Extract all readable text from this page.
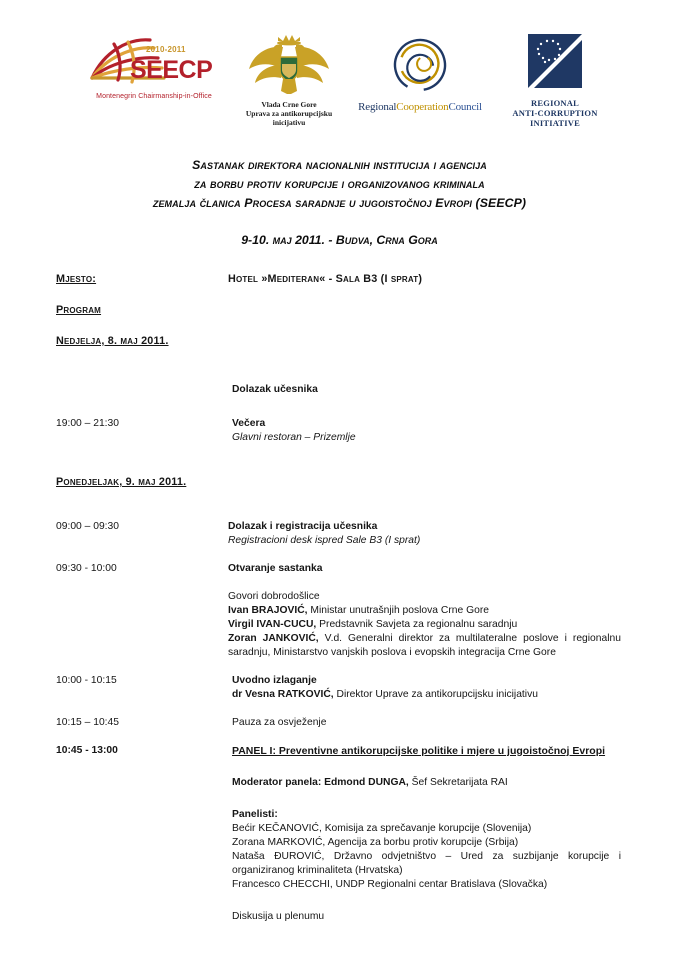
2010-2011
SEECP
Montenegrin Chairmanship-in-Office
Vlada Crne Gore
Uprava za antikorupcijsku
inicijativu
RegionalCooperationCouncil	REGIONAL
ANTI-CORRUPTION
INITIATIVE
Sastanak direktora nacionalnih institucija i agencija
za borbu protiv korupcije i organizovanog kriminala
zemalja članica Procesa saradnje u jugoistočnoj Evropi (SEECP)
9-10. maj 2011. - Budva, Crna Gora
Mjesto:	Hotel »Mediteran« - Sala B3 (I sprat)
Program
Nedjelja, 8. maj 2011.
Dolazak učesnika
19:00 – 21:30	Večera
Glavni restoran – Prizemlje
Ponedjeljak, 9. maj 2011.
09:00 – 09:30	Dolazak i registracija učesnika
Registracioni desk ispred Sale B3 (I sprat)
09:30 - 10:00	Otvaranje sastanka
Govori dobrodošlice
Ivan BRAJOVIĆ, Ministar unutrašnjih poslova Crne Gore
Virgil IVAN-CUCU, Predstavnik Savjeta za regionalnu saradnju
Zoran JANKOVIĆ, V.d. Generalni direktor za multilateralne poslove i regionalnu saradnju, Ministarstvo vanjskih poslova i evopskih integracija Crne Gore
10:00 - 10:15	Uvodno izlaganje
dr Vesna RATKOVIĆ, Direktor Uprave za antikorupcijsku inicijativu
10:15 – 10:45	Pauza za osvježenje
10:45 - 13:00	PANEL I: Preventivne antikorupcijske politike i mjere u jugoistočnoj Evropi
Moderator panela: Edmond DUNGA, Šef Sekretarijata RAI
Panelisti:
Bećir KEČANOVIĆ, Komisija za sprečavanje korupcije (Slovenija)
Zorana MARKOVIĆ, Agencija za borbu protiv korupcije (Srbija)
Nataša ĐUROVIĆ, Državno odvjetništvo – Ured za suzbijanje korupcije i organiziranog kriminaliteta (Hrvatska)
Francesco CHECCHI, UNDP Regionalni centar Bratislava (Slovačka)
Diskusija u plenumu
